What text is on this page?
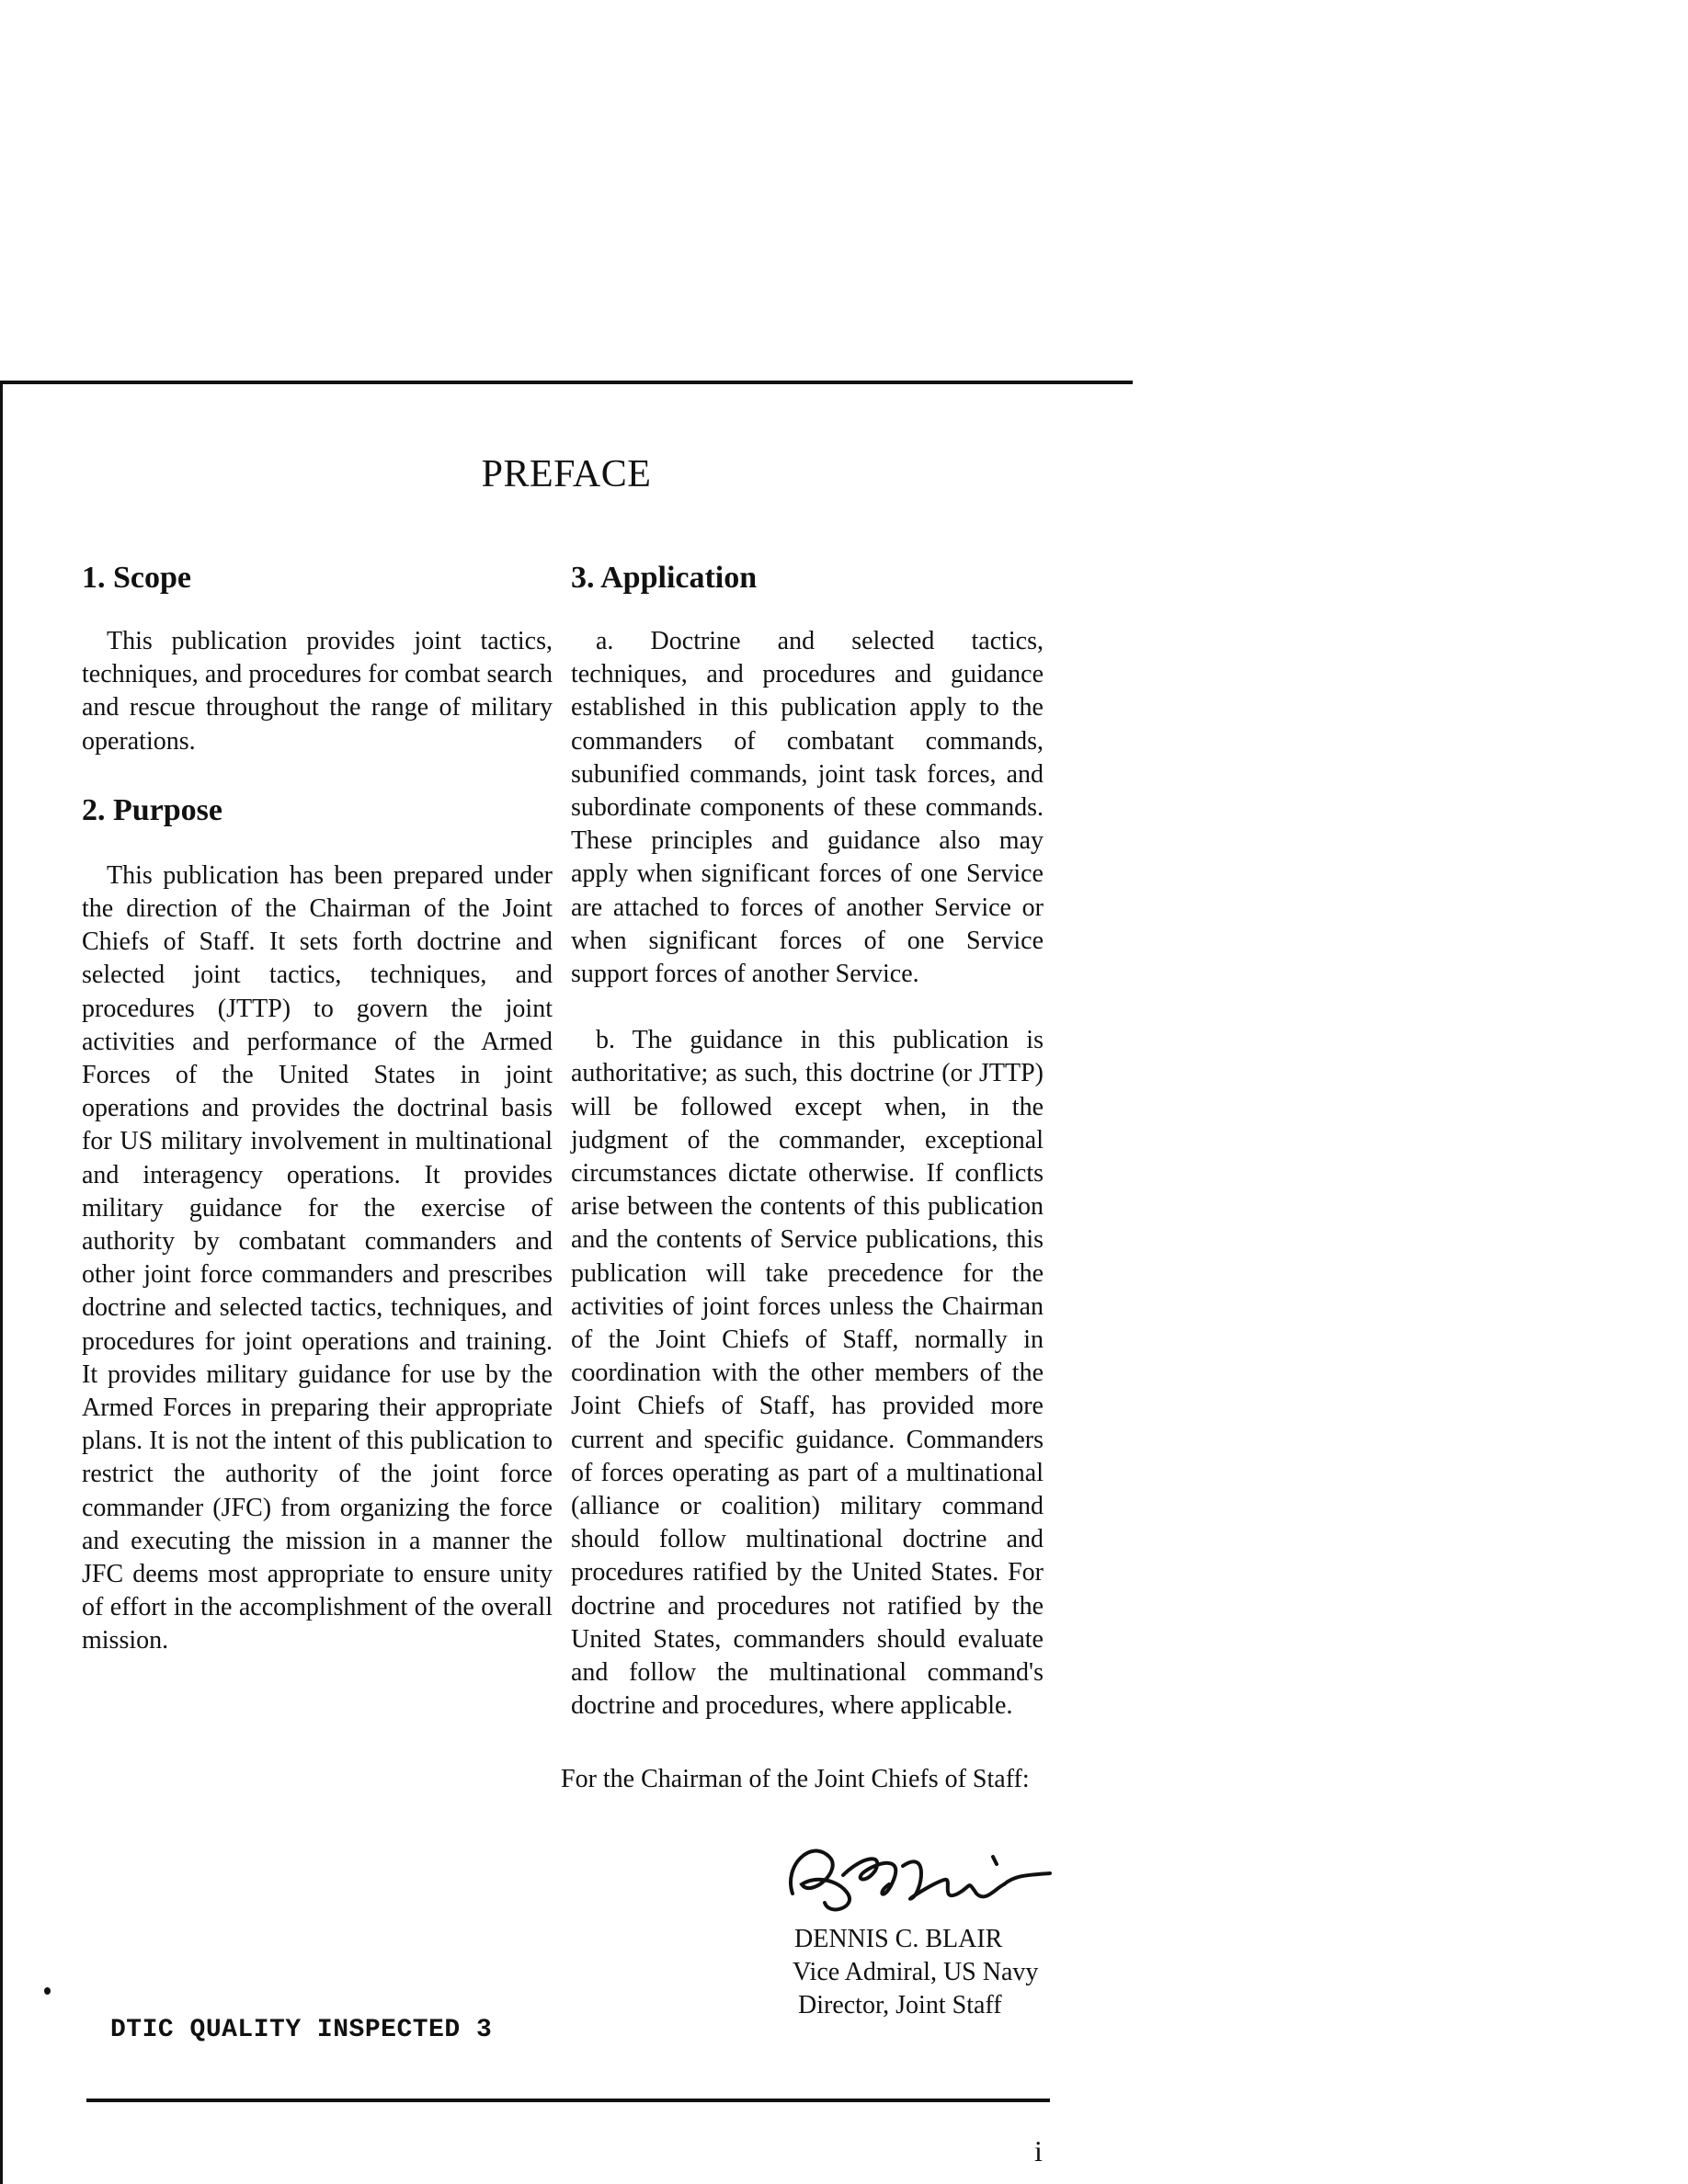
PREFACE
1. Scope

This publication provides joint tactics, techniques, and procedures for combat search and rescue throughout the range of military operations.

2. Purpose

This publication has been prepared under the direction of the Chairman of the Joint Chiefs of Staff. It sets forth doctrine and selected joint tactics, techniques, and procedures (JTTP) to govern the joint activities and performance of the Armed Forces of the United States in joint operations and provides the doctrinal basis for US military involvement in multinational and interagency operations. It provides military guidance for the exercise of authority by combatant commanders and other joint force commanders and prescribes doctrine and selected tactics, techniques, and procedures for joint operations and training. It provides military guidance for use by the Armed Forces in preparing their appropriate plans. It is not the intent of this publication to restrict the authority of the joint force commander (JFC) from organizing the force and executing the mission in a manner the JFC deems most appropriate to ensure unity of effort in the accomplishment of the overall mission.

3. Application

a. Doctrine and selected tactics, techniques, and procedures and guidance established in this publication apply to the commanders of combatant commands, subunified commands, joint task forces, and subordinate components of these commands. These principles and guidance also may apply when significant forces of one Service are attached to forces of another Service or when significant forces of one Service support forces of another Service.

b. The guidance in this publication is authoritative; as such, this doctrine (or JTTP) will be followed except when, in the judgment of the commander, exceptional circumstances dictate otherwise. If conflicts arise between the contents of this publication and the contents of Service publications, this publication will take precedence for the activities of joint forces unless the Chairman of the Joint Chiefs of Staff, normally in coordination with the other members of the Joint Chiefs of Staff, has provided more current and specific guidance. Commanders of forces operating as part of a multinational (alliance or coalition) military command should follow multinational doctrine and procedures ratified by the United States. For doctrine and procedures not ratified by the United States, commanders should evaluate and follow the multinational command's doctrine and procedures, where applicable.

For the Chairman of the Joint Chiefs of Staff:
DENNIS C. BLAIR
Vice Admiral, US Navy
Director, Joint Staff
DTIC QUALITY INSPECTED 3
i
